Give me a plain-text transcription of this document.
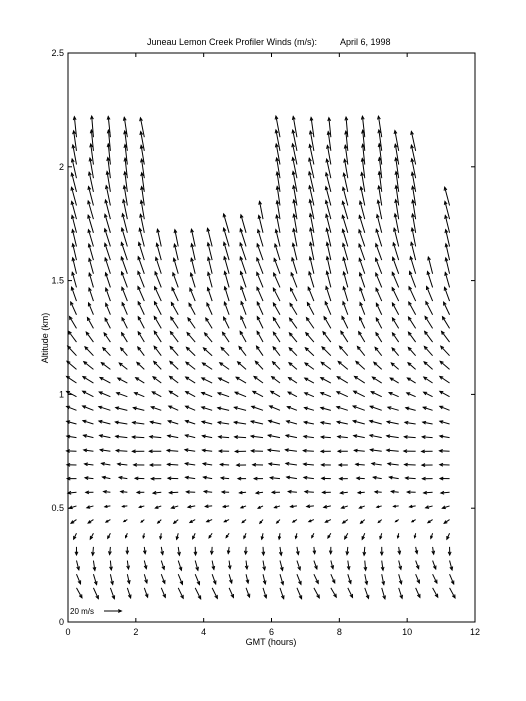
Juneau Lemon Creek Profiler Winds (m/s):	April 6, 1998
0	2	4	6	8	10	12
0
0.5
1
1.5
2
2.5
GMT (hours)
Altitude (km)
20 m/s
